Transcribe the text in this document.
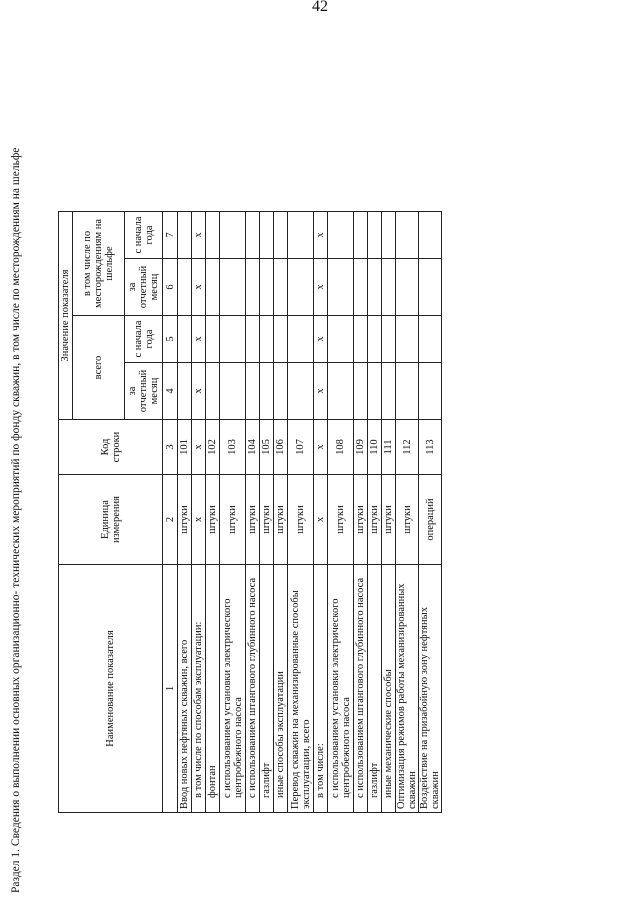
42
Раздел 1. Сведения о выполнении основных организационно- технических мероприятий по фонду скважин, в том числе по месторождениям на шельфе	Наименование показателя	Единица измерения	Код строки	Значение показателя			
			всего		в том числе по месторождениям на шельфе	
			за отчетный месяц	с начала года	за отчетный месяц	с начала года
1	2	3	4	5	6	7
Ввод новых нефтяных скважин, всего	штуки	101				
в том числе по способам эксплуатации:	х	х	х	х	х	х
фонтан	штуки	102				
с использованием установки электрического центробежного насоса	штуки	103				
с использованием штангового глубинного насоса	штуки	104				
газлифт	штуки	105				
иные способы эксплуатации	штуки	106				
Перевод скважин на механизированные способы эксплуатации, всего	штуки	107				
в том числе:	х	х	х	х	х	х
с использованием установки электрического центробежного насоса	штуки	108				
с использованием штангового глубинного насоса	штуки	109				
газлифт	штуки	110				
иные механические способы	штуки	111				
Оптимизация режимов работы механизированных скважин	штуки	112				
Воздействие на призабойную зону нефтяных скважин	операций	113				
